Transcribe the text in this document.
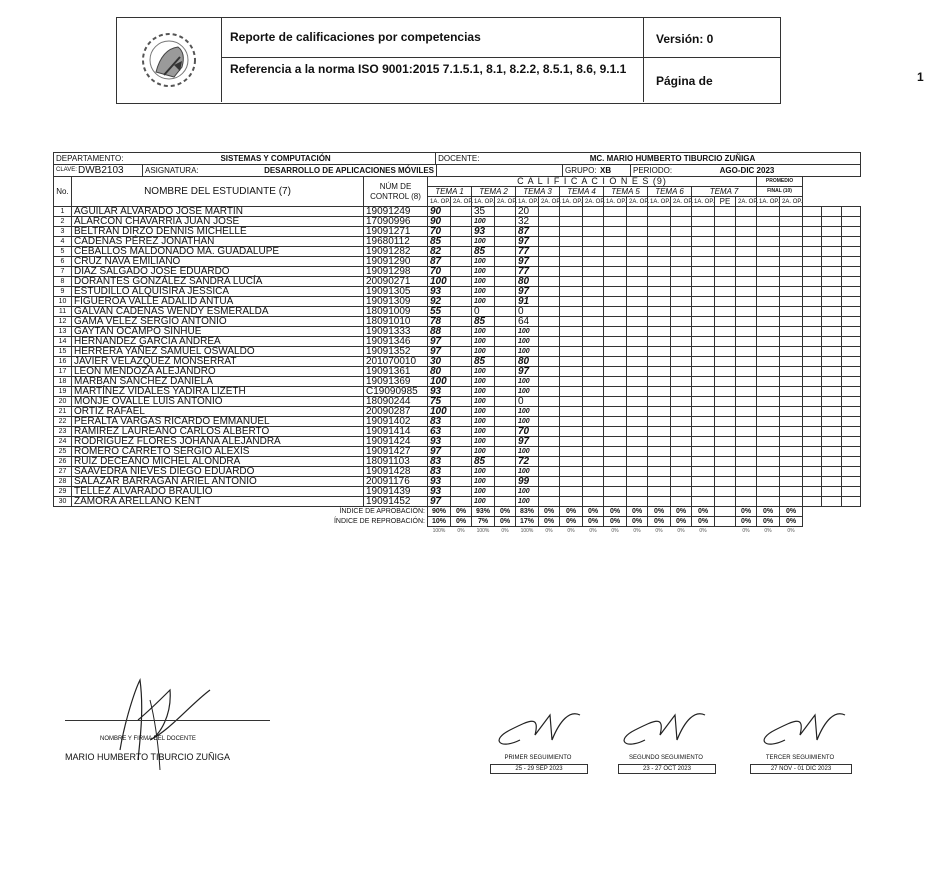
Reporte de calificaciones por competencias	Versión: 0
Referencia a la norma ISO 9001:2015 7.1.5.1, 8.1, 8.2.2, 8.5.1, 8.6, 9.1.1
Página de	1
DEPARTAMENTO:	SISTEMAS Y COMPUTACIÓN	DOCENTE:	MC. MARIO HUMBERTO TIBURCIO ZUÑIGA
CLAVE: DWB2103	ASIGNATURA:	DESARROLLO DE APLICACIONES MÓVILES	GRUPO: XB	PERIODO:	AGO-DIC 2023
No.	NOMBRE DEL ESTUDIANTE (7)	NÚM DE CONTROL (8)	C A L I F I C A C I O N E S (9)															PROMEDIO				
			TEMA 1		TEMA 2		TEMA 3		TEMA 4		TEMA 5		TEMA 6		TEMA 7			FINAL (10)				
			1A. OP.	2A. OP.	1A. OP.	2A. OP.	1A. OP.	2A. OP.	1A. OP.	2A. OP.	1A. OP.	2A. OP.	1A. OP.	2A. OP.	1A. OP.	PE	2A. OP.	1A. OP.	2A. OP.			
1	AGUILAR ALVARADO JOSE MARTIN	19091249	90		35		20															
2	ALARCON CHAVARRIA JUAN JOSE	17090996	90		100		32															
3	BELTRAN DIRZO DENNIS MICHELLE	19091271	70		93		87															
4	CADENAS PÉREZ JONATHAN	19680112	85		100		97															
5	CEBALLOS MALDONADO MA. GUADALUPE	19091282	82		85		77															
6	CRUZ NAVA EMILIANO	19091290	87		100		97															
7	DIAZ SALGADO JOSE EDUARDO	19091298	70		100		77															
8	DORANTES GONZÁLEZ SANDRA LUCÍA	20090271	100		100		80															
9	ESTUDILLO ALQUISIRA JESSICA	19091305	93		100		97															
10	FIGUEROA VALLE ADALID ANTUA	19091309	92		100		91															
11	GALVAN CADENAS WENDY ESMERALDA	18091009	55		0		0															
12	GAMA VELEZ SERGIO ANTONIO	18091010	78		85		64															
13	GAYTAN OCAMPO SINHUE	19091333	88		100		100															
14	HERNANDEZ GARCIA ANDREA	19091346	97		100		100															
15	HERRERA YAÑEZ SAMUEL OSWALDO	19091352	97		100		100															
16	JAVIER VELAZQUEZ MONSERRAT	201070010	30		85		80															
17	LEON MENDOZA ALEJANDRO	19091361	80		100		97															
18	MARBAN SANCHEZ DANIELA	19091369	100		100		100															
19	MARTÍNEZ VIDALES YADIRA LIZETH	C19090985	93		100		100															
20	MONJE OVALLE LUIS ANTONIO	18090244	75		100		0															
21	ORTIZ RAFAEL	20090287	100		100		100															
22	PERALTA VARGAS RICARDO EMMANUEL	19091402	83		100		100															
23	RAMIREZ LAUREANO CARLOS ALBERTO	19091414	63		100		70															
24	RODRIGUEZ FLORES JOHANA ALEJANDRA	19091424	93		100		97															
25	ROMERO CARRETO SERGIO ALEXIS	19091427	97		100		100															
26	RUIZ DECEANO MICHEL ALONDRA	18091103	83		85		72															
27	SAAVEDRA NIEVES DIEGO EDUARDO	19091428	83		100		100															
28	SALAZAR BARRAGAN ARIEL ANTONIO	20091176	93		100		99															
29	TELLEZ ALVARADO BRAULIO	19091439	93		100		100															
30	ZAMORA ARELLANO KENT	19091452	97		100		100															
ÍNDICE DE APROBACIÓN:			90%	0%	93%	0%	83%	0%	0%	0%	0%	0%	0%	0%	0%		0%	0%	0%			
ÍNDICE DE REPROBACIÓN:			10%	0%	7%	0%	17%	0%	0%	0%	0%	0%	0%	0%	0%		0%	0%	0%			
			100%	0%	100%	0%	100%	0%	0%	0%	0%	0%	0%	0%	0%		0%	0%	0%			
NOMBRE Y FIRMA DEL DOCENTE
MARIO HUMBERTO TIBURCIO ZUÑIGA	PRIMER SEGUIMIENTO
25 - 29 SEP 2023
SEGUNDO SEGUIMIENTO
23 - 27 OCT 2023
TERCER SEGUIMIENTO
27 NOV - 01 DIC 2023
